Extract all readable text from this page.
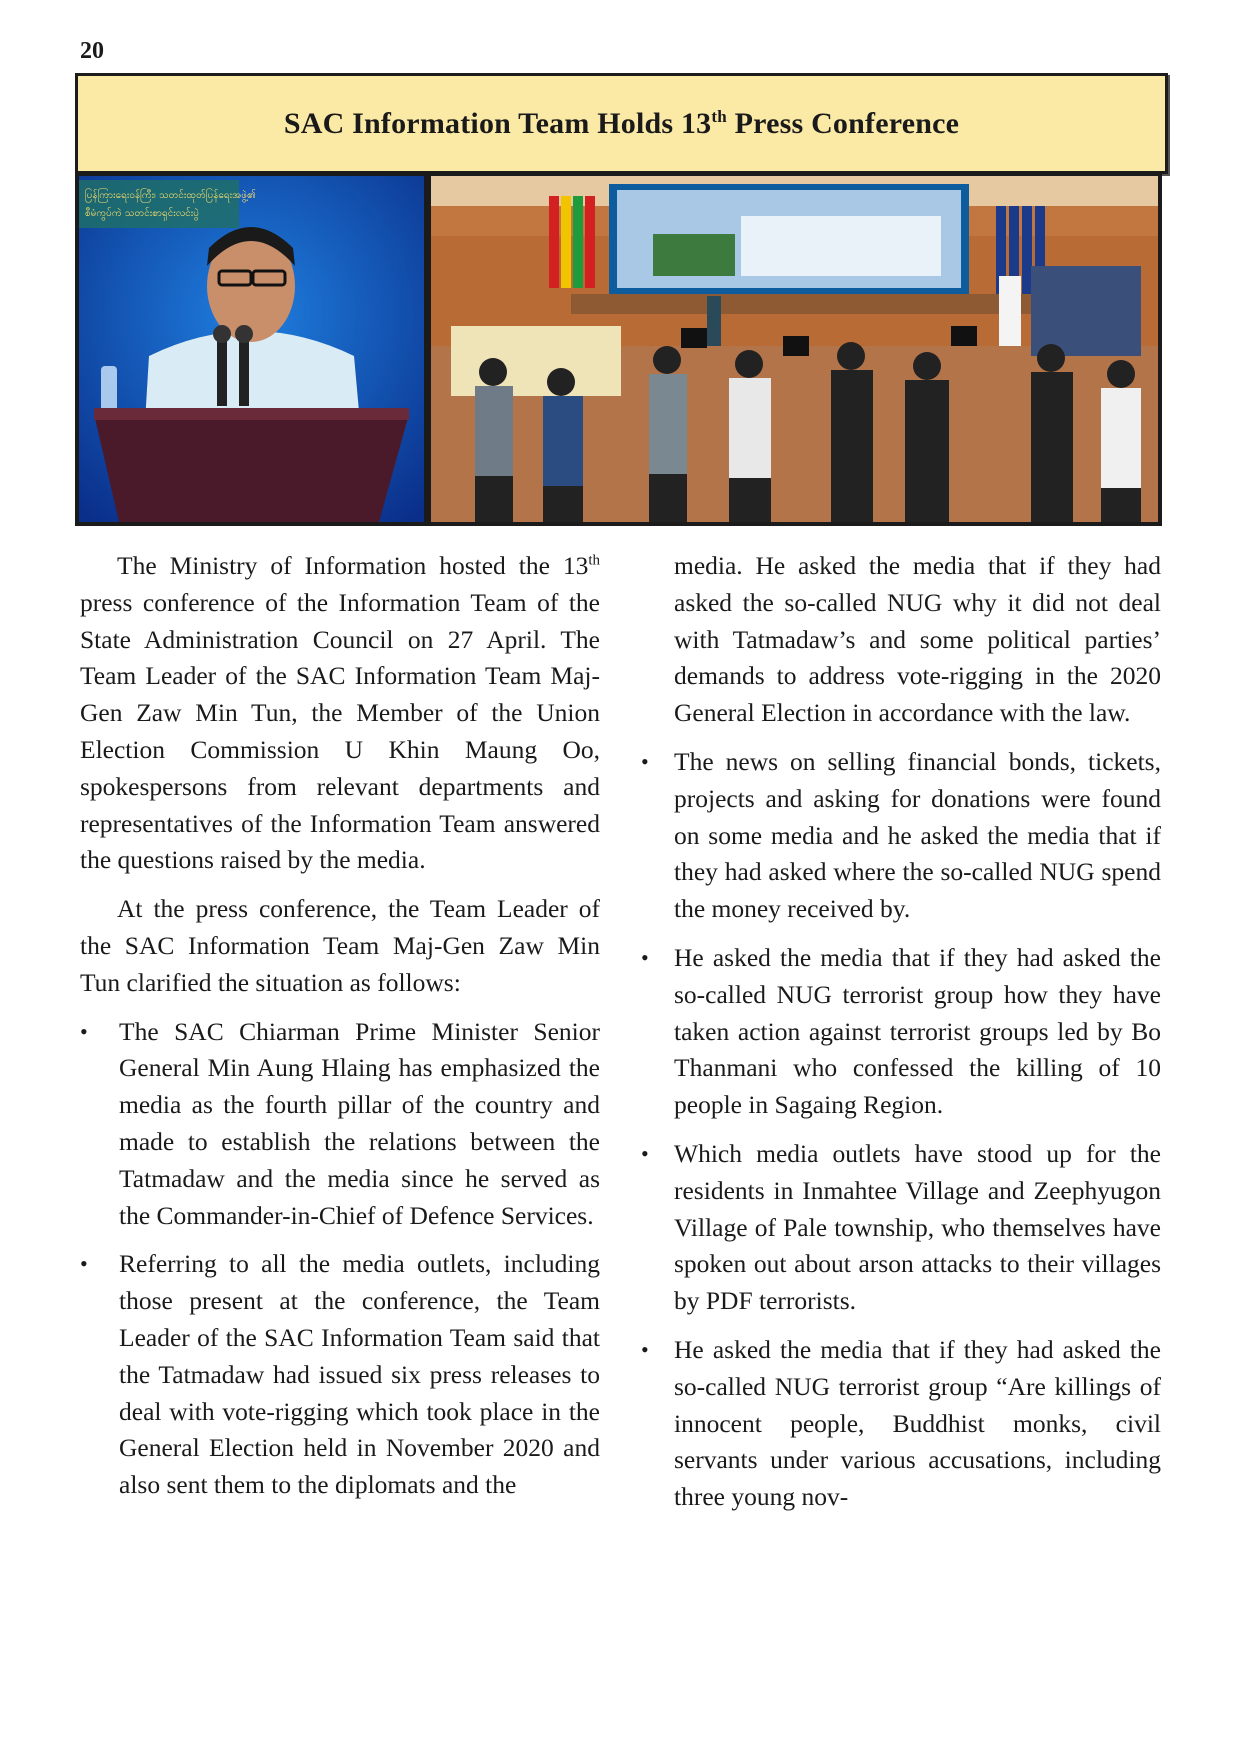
20
SAC Information Team Holds 13th Press Conference
ပြန်ကြားရေးဝန်ကြီး၊ သတင်းထုတ်ပြန်ရေးအဖွဲ့၏
စီမံကွပ်ကဲ သတင်းစာရှင်းလင်းပွဲ

The Ministry of Information hosted the 13th press conference of the Information Team of the State Administration Council on 27 April. The Team Leader of the SAC Information Team Maj-Gen Zaw Min Tun, the Member of the Union Election Commission U Khin Maung Oo, spokespersons from relevant departments and representatives of the Information Team answered the questions raised by the media.

At the press conference, the Team Leader of the SAC Information Team Maj-Gen Zaw Min Tun clarified the situation as follows:

• The SAC Chiarman Prime Minister Senior General Min Aung Hlaing has emphasized the media as the fourth pillar of the country and made to establish the relations between the Tatmadaw and the media since he served as the Commander-in-Chief of Defence Services.
• Referring to all the media outlets, including those present at the conference, the Team Leader of the SAC Information Team said that the Tatmadaw had issued six press releases to deal with vote-rigging which took place in the General Election held in November 2020 and also sent them to the diplomats and the

media. He asked the media that if they had asked the so-called NUG why it did not deal with Tatmadaw’s and some political parties’ demands to address vote-rigging in the 2020 General Election in accordance with the law.

• The news on selling financial bonds, tickets, projects and asking for donations were found on some media and he asked the media that if they had asked where the so-called NUG spend the money received by.
• He asked the media that if they had asked the so-called NUG terrorist group how they have taken action against terrorist groups led by Bo Thanmani who confessed the killing of 10 people in Sagaing Region.
• Which media outlets have stood up for the residents in Inmahtee Village and Zeephyugon Village of Pale township, who themselves have spoken out about arson attacks to their villages by PDF terrorists.
• He asked the media that if they had asked the so-called NUG terrorist group “Are killings of innocent people, Buddhist monks, civil servants under various accusations, including three young nov-
